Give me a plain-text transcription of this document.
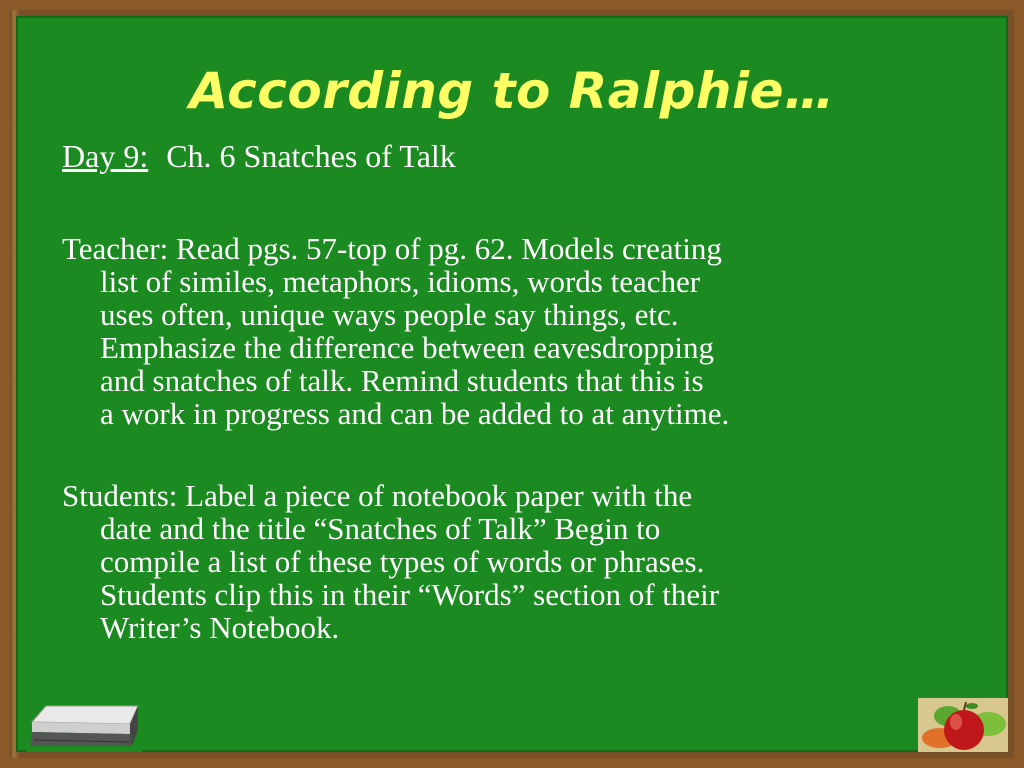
According to Ralphie…
Day 9: Ch. 6 Snatches of Talk

Teacher: Read pgs. 57-top of pg. 62. Models creating
list of similes, metaphors, idioms, words teacher
uses often, unique ways people say things, etc.
Emphasize the difference between eavesdropping
and snatches of talk. Remind students that this is
a work in progress and can be added to at anytime.

Students: Label a piece of notebook paper with the
date and the title “Snatches of Talk” Begin to
compile a list of these types of words or phrases.
Students clip this in their “Words” section of their
Writer’s Notebook.
